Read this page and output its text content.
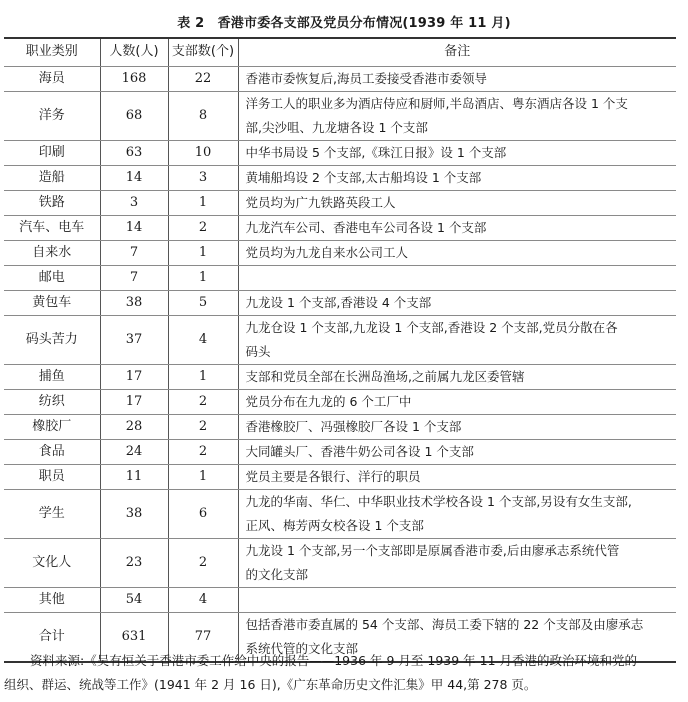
表 2　香港市委各支部及党员分布情况(1939 年 11 月)
职业类别	人数(人)	支部数(个)	备注
海员	168	22	香港市委恢复后,海员工委接受香港市委领导

洋务	68	8	洋务工人的职业多为酒店侍应和厨师,半岛酒店、粤东酒店各设 1 个支
部,尖沙咀、九龙塘各设 1 个支部

印刷	63	10	中华书局设 5 个支部,《珠江日报》设 1 个支部

造船	14	3	黄埔船坞设 2 个支部,太古船坞设 1 个支部

铁路	3	1	党员均为广九铁路英段工人

汽车、电车	14	2	九龙汽车公司、香港电车公司各设 1 个支部

自来水	7	1	党员均为九龙自来水公司工人

邮电	7	1	
黄包车	38	5	九龙设 1 个支部,香港设 4 个支部

码头苦力	37	4	九龙仓设 1 个支部,九龙设 1 个支部,香港设 2 个支部,党员分散在各
码头

捕鱼	17	1	支部和党员全部在长洲岛渔场,之前属九龙区委管辖

纺织	17	2	党员分布在九龙的 6 个工厂中

橡胶厂	28	2	香港橡胶厂、冯强橡胶厂各设 1 个支部

食品	24	2	大同罐头厂、香港牛奶公司各设 1 个支部

职员	11	1	党员主要是各银行、洋行的职员

学生	38	6	九龙的华南、华仁、中华职业技术学校各设 1 个支部,另设有女生支部,
正风、梅芳两女校各设 1 个支部

文化人	23	2	九龙设 1 个支部,另一个支部即是原属香港市委,后由廖承志系统代管
的文化支部

其他	54	4	
合计	631	77	包括香港市委直属的 54 个支部、海员工委下辖的 22 个支部及由廖承志
系统代管的文化支部
资料来源:《吴有恒关于香港市委工作给中央的报告——1936 年 9 月至 1939 年 11 月香港的政治环境和党的
组织、群运、统战等工作》(1941 年 2 月 16 日),《广东革命历史文件汇集》甲 44,第 278 页。
